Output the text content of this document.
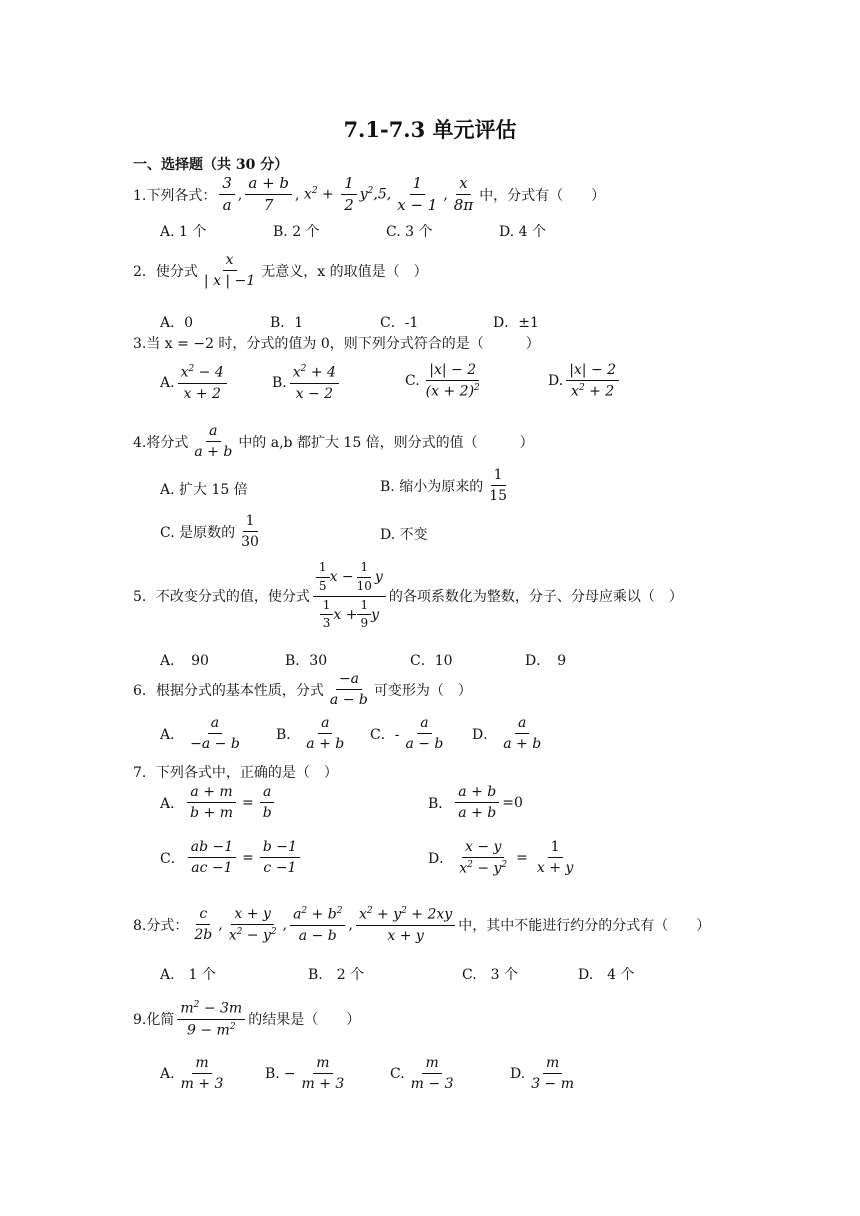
7.1-7.3 单元评估
一、选择题（共 30 分）
1.下列各式： $\frac{3}{a}$ , $\frac{a + b}{7}$ , $x^2 + \frac{1}{2} y^2,5$, $\frac{1}{x - 1}$ , $\frac{x}{8\pi}$ 中，分式有（　　）
A. 1 个	B. 2 个	C. 3 个	D. 4 个
2．使分式 $\frac{x}{| x | -1}$ 无意义，x 的取值是（　）
A．0	B．1	C．-1	D．±1
3.当 x = −2 时，分式的值为 0，则下列分式符合的是（　　　）
A. $\frac{x^2 - 4}{x + 2}$	B. $\frac{x^2 + 4}{x - 2}$	C. $\frac{|x| - 2}{(x + 2)^2}$	D. $\frac{|x| - 2}{x^2 + 2}$
4.将分式 $\frac{a}{a + b}$ 中的 a,b 都扩大 15 倍，则分式的值（　　　）
A. 扩大 15 倍	B. 缩小为原来的 $\frac{1}{15}$
C. 是原数的 $\frac{1}{30}$	D. 不变
5．不改变分式的值，使分式 $\frac{\frac{1}{5} x - \frac{1}{10} y}{\frac{1}{3} x + \frac{1}{9} y}$ 的各项系数化为整数，分子、分母应乘以（　）
A．　90	B．30	C．10	D．　9
6．根据分式的基本性质，分式 $\frac{-a}{a - b}$ 可变形为（　）
A． $\frac{a}{-a - b}$ B． $\frac{a}{a + b}$ C．- $\frac{a}{a - b}$ D． $\frac{a}{a + b}$
7．下列各式中，正确的是（　）
A． $\frac{a + m}{b + m} = \frac{a}{b}$	B． $\frac{a + b}{a + b} =0$
C． $\frac{ab -1}{ac -1} = \frac{b -1}{c -1}$	D． $\frac{x - y}{x^2 - y^2} = \frac{1}{x + y}$
8.分式： $\frac{c}{2b}$ , $\frac{x + y}{x^2 - y^2}$ , $\frac{a^2 + b^2}{a - b}$ , $\frac{x^2 + y^2 + 2xy}{x + y}$ 中，其中不能进行约分的分式有（　　）
A.　1 个	B.　2 个	C.　3 个	D.　4 个
9.化简 $\frac{m^2 - 3m}{9 - m^2}$ 的结果是（　　）
A. $\frac{m}{m + 3}$	B. − $\frac{m}{m + 3}$	C. $\frac{m}{m - 3}$	D. $\frac{m}{3 - m}$
